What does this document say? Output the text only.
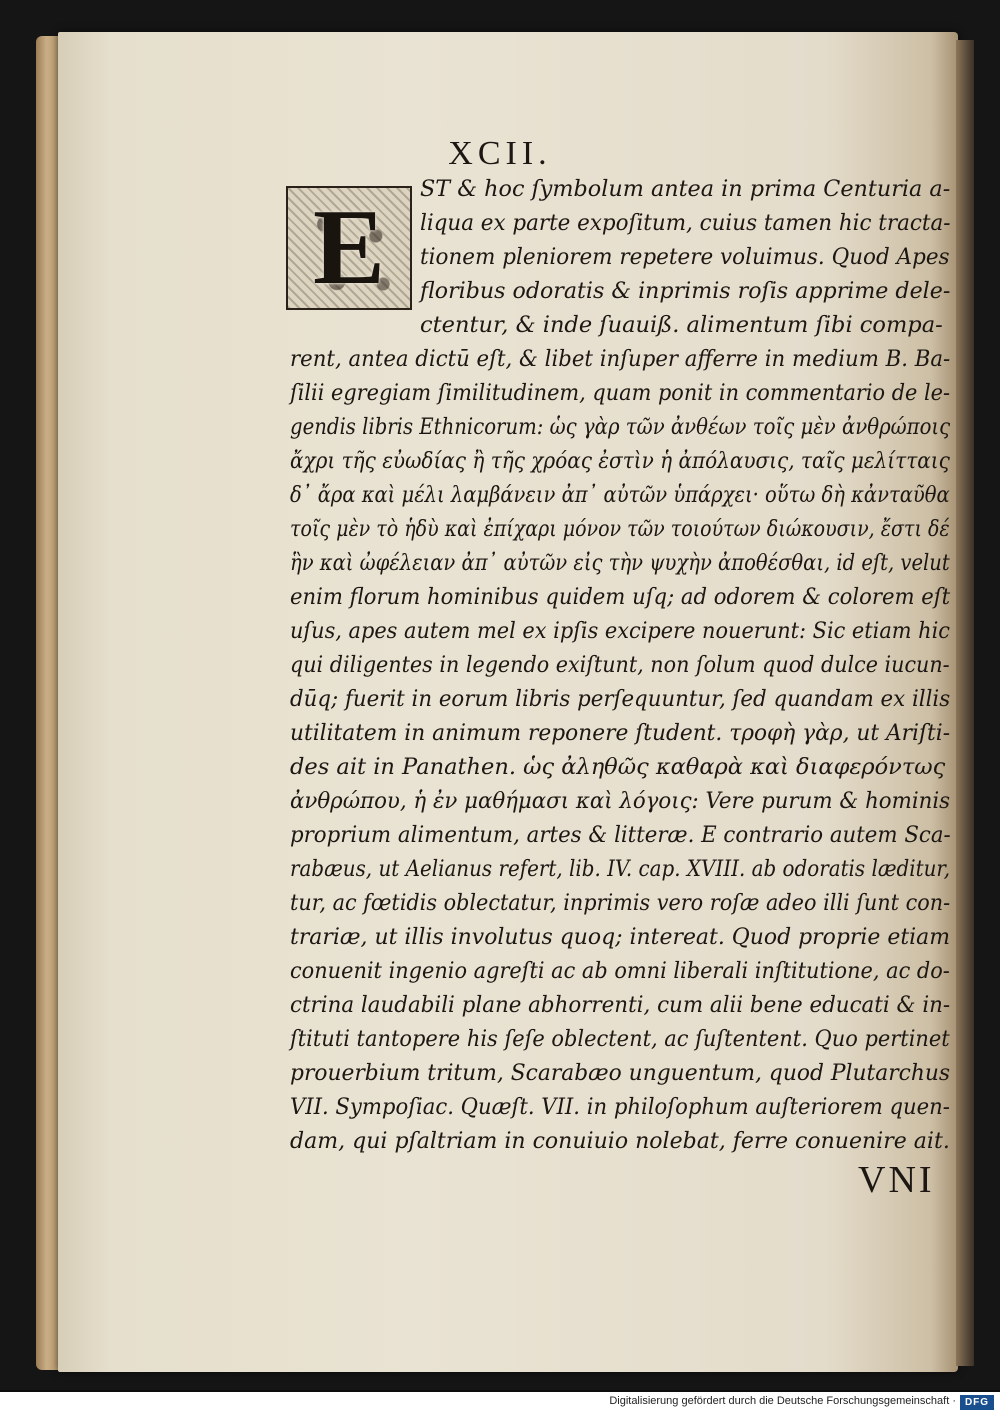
XCII.
E ST & hoc ſymbolum antea in prima Centuria a-
liqua ex parte expoſitum, cuius tamen hic tracta-
tionem pleniorem repetere voluimus. Quod Apes
floribus odoratis & inprimis roſis apprime dele-
ctentur, & inde ſuauiß. alimentum ſibi compa-
rent, antea dictū eſt, & libet inſuper afferre in medium B. Ba-
ſilii egregiam ſimilitudinem, quam ponit in commentario de le-
gendis libris Ethnicorum: ὡς γὰρ τῶν ἀνθέων τοῖς μὲν ἀνθρώποις
ἄχρι τῆς εὐωδίας ἢ τῆς χρόας ἐστὶν ἡ ἀπόλαυσις, ταῖς μελίτταις
δ᾽ ἄρα καὶ μέλι λαμβάνειν ἀπ᾽ αὐτῶν ὑπάρχει· οὕτω δὴ κἀνταῦθα
τοῖς μὲν τὸ ἡδὺ καὶ ἐπίχαρι μόνον τῶν τοιούτων διώκουσιν, ἔστι δέ
ἣν καὶ ὠφέλειαν ἀπ᾽ αὐτῶν εἰς τὴν ψυχὴν ἀποθέσθαι, id eſt, velut
enim florum hominibus quidem uſq; ad odorem & colorem eſt
uſus, apes autem mel ex ipſis excipere nouerunt: Sic etiam hic
qui diligentes in legendo exiſtunt, non ſolum quod dulce iucun-
dūq; fuerit in eorum libris perſequuntur, ſed quandam ex illis
utilitatem in animum reponere ſtudent. τροφὴ γὰρ, ut Ariſti-
des ait in Panathen. ὡς ἀληθῶς καθαρὰ καὶ διαφερόντως
ἀνθρώπου, ἡ ἐν μαθήμασι καὶ λόγοις: Vere purum & hominis
proprium alimentum, artes & litteræ. E contrario autem Sca-
rabæus, ut Aelianus refert, lib. IV. cap. XVIII. ab odoratis læditur,
tur, ac fœtidis oblectatur, inprimis vero roſæ adeo illi ſunt con-
trariæ, ut illis involutus quoq; intereat. Quod proprie etiam
conuenit ingenio agreſti ac ab omni liberali inſtitutione, ac do-
ctrina laudabili plane abhorrenti, cum alii bene educati & in-
ſtituti tantopere his ſeſe oblectent, ac ſuſtentent. Quo pertinet
prouerbium tritum, Scarabæo unguentum, quod Plutarchus
VII. Sympoſiac. Quæſt. VII. in philoſophum auſteriorem quen-
dam, qui pſaltriam in conuiuio nolebat, ferre conuenire ait.
VNI
Digitalisierung gefördert durch die Deutsche Forschungsgemeinschaft · DFG
